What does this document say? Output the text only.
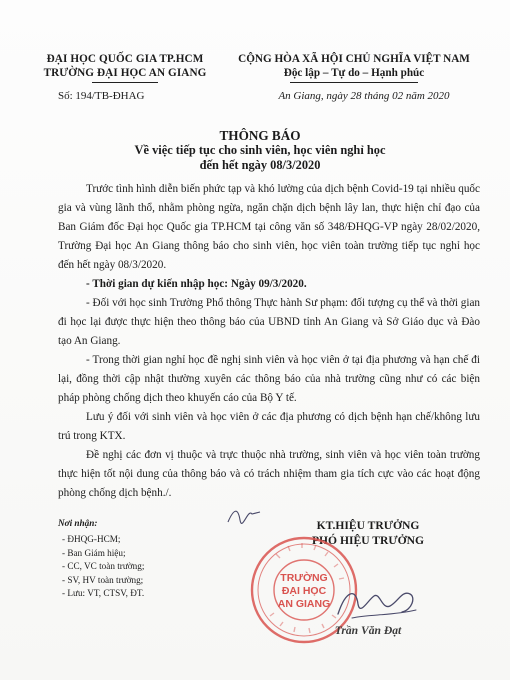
ĐẠI HỌC QUỐC GIA TP.HCM
TRƯỜNG ĐẠI HỌC AN GIANG
CỘNG HÒA XÃ HỘI CHỦ NGHĨA VIỆT NAM
Độc lập – Tự do – Hạnh phúc
Số: 194/TB-ĐHAG	An Giang, ngày 28 tháng 02 năm 2020
THÔNG BÁO
Về việc tiếp tục cho sinh viên, học viên nghỉ học
đến hết ngày 08/3/2020

Trước tình hình diễn biến phức tạp và khó lường của dịch bệnh Covid-19 tại nhiều quốc gia và vùng lãnh thổ, nhằm phòng ngừa, ngăn chặn dịch bệnh lây lan, thực hiện chỉ đạo của Ban Giám đốc Đại học Quốc gia TP.HCM tại công văn số 348/ĐHQG-VP ngày 28/02/2020, Trường Đại học An Giang thông báo cho sinh viên, học viên toàn trường tiếp tục nghỉ học đến hết ngày 08/3/2020.

- Thời gian dự kiến nhập học: Ngày 09/3/2020.

- Đối với học sinh Trường Phổ thông Thực hành Sư phạm: đối tượng cụ thể và thời gian đi học lại được thực hiện theo thông báo của UBND tỉnh An Giang và Sở Giáo dục và Đào tạo An Giang.

- Trong thời gian nghỉ học đề nghị sinh viên và học viên ở tại địa phương và hạn chế đi lại, đồng thời cập nhật thường xuyên các thông báo của nhà trường cũng như có các biện pháp phòng chống dịch theo khuyến cáo của Bộ Y tế.

Lưu ý đối với sinh viên và học viên ở các địa phương có dịch bệnh hạn chế/không lưu trú trong KTX.

Đề nghị các đơn vị thuộc và trực thuộc nhà trường, sinh viên và học viên toàn trường thực hiện tốt nội dung của thông báo và có trách nhiệm tham gia tích cực vào các hoạt động phòng chống dịch bệnh./.

Nơi nhận:
- ĐHQG-HCM;
- Ban Giám hiệu;
- CC, VC toàn trường;
- SV, HV toàn trường;
- Lưu: VT, CTSV, ĐT.
KT.HIỆU TRƯỞNG
PHÓ HIỆU TRƯỞNG
TRƯỜNG
ĐẠI HỌC
AN GIANG
Trần Văn Đạt
